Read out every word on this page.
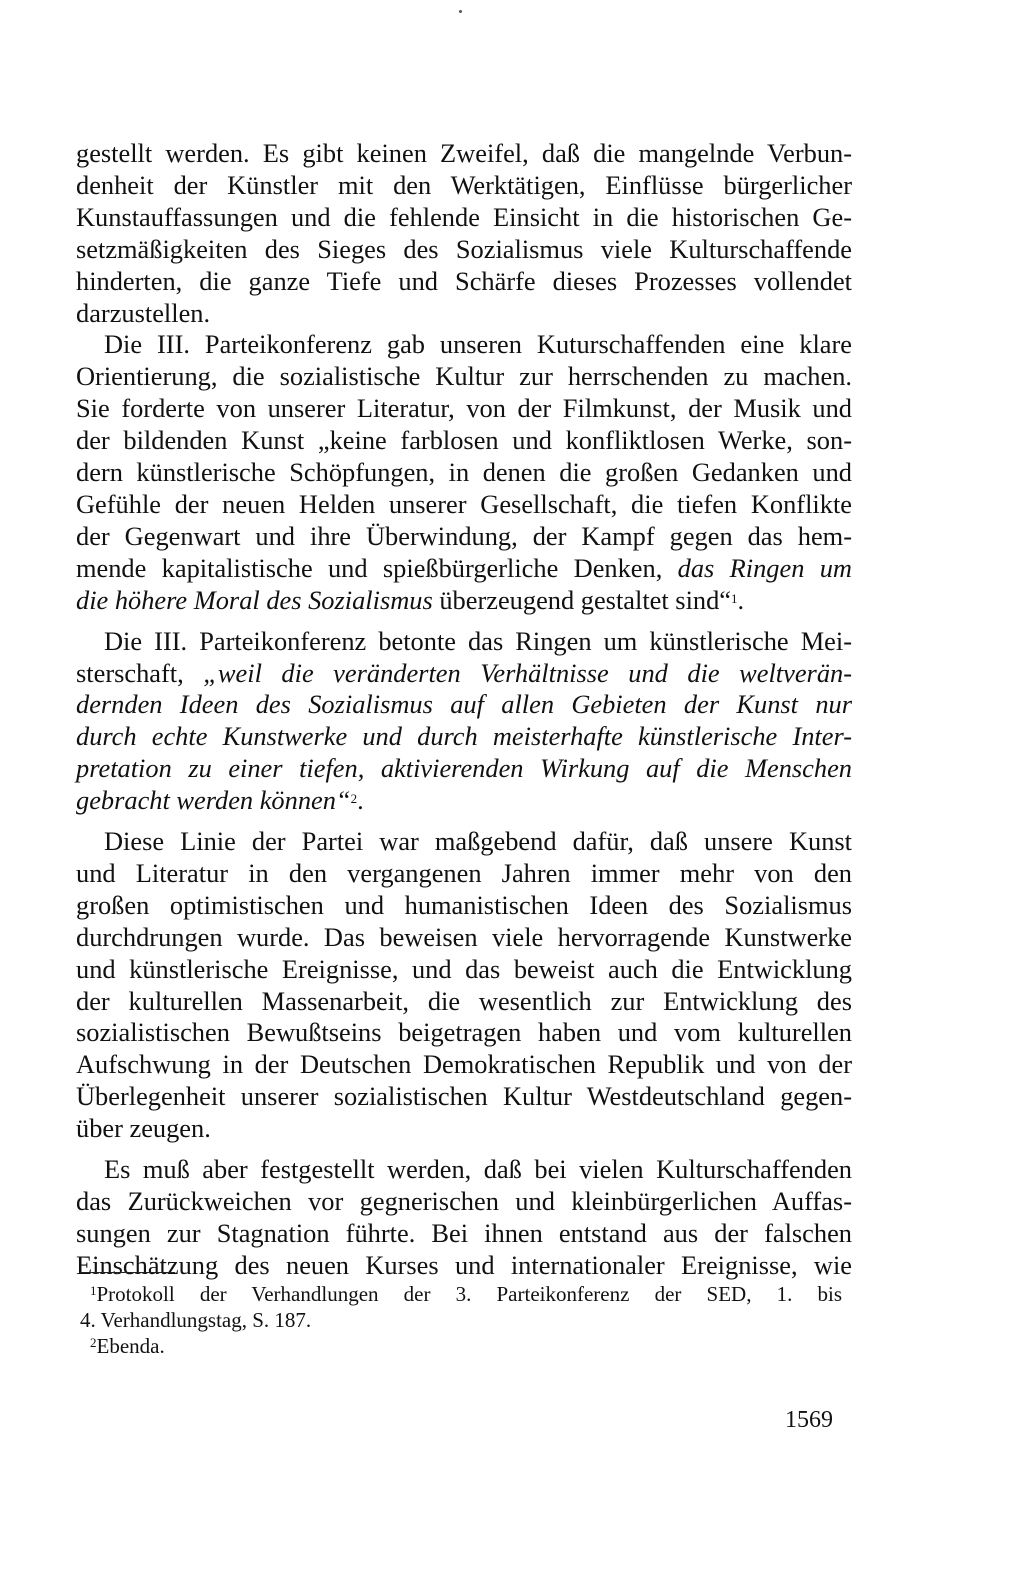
gestellt werden. Es gibt keinen Zweifel, daß die mangelnde Verbun-
denheit der Künstler mit den Werktätigen, Einflüsse bürgerlicher
Kunstauffassungen und die fehlende Einsicht in die historischen Ge-
setzmäßigkeiten des Sieges des Sozialismus viele Kulturschaffende
hinderten, die ganze Tiefe und Schärfe dieses Prozesses vollendet
darzustellen.
Die III. Parteikonferenz gab unseren Kuturschaffenden eine klare
Orientierung, die sozialistische Kultur zur herrschenden zu machen.
Sie forderte von unserer Literatur, von der Filmkunst, der Musik und
der bildenden Kunst „keine farblosen und konfliktlosen Werke, son-
dern künstlerische Schöpfungen, in denen die großen Gedanken und
Gefühle der neuen Helden unserer Gesellschaft, die tiefen Konflikte
der Gegenwart und ihre Überwindung, der Kampf gegen das hem-
mende kapitalistische und spießbürgerliche Denken, das Ringen um
die höhere Moral des Sozialismus überzeugend gestaltet sind“$^1$.
Die III. Parteikonferenz betonte das Ringen um künstlerische Mei-
sterschaft, „weil die veränderten Verhältnisse und die weltverän-
dernden Ideen des Sozialismus auf allen Gebieten der Kunst nur
durch echte Kunstwerke und durch meisterhafte künstlerische Inter-
pretation zu einer tiefen, aktivierenden Wirkung auf die Menschen
gebracht werden können“$^2$.
Diese Linie der Partei war maßgebend dafür, daß unsere Kunst
und Literatur in den vergangenen Jahren immer mehr von den
großen optimistischen und humanistischen Ideen des Sozialismus
durchdrungen wurde. Das beweisen viele hervorragende Kunstwerke
und künstlerische Ereignisse, und das beweist auch die Entwicklung
der kulturellen Massenarbeit, die wesentlich zur Entwicklung des
sozialistischen Bewußtseins beigetragen haben und vom kulturellen
Aufschwung in der Deutschen Demokratischen Republik und von der
Überlegenheit unserer sozialistischen Kultur Westdeutschland gegen-
über zeugen.
Es muß aber festgestellt werden, daß bei vielen Kulturschaffenden
das Zurückweichen vor gegnerischen und kleinbürgerlichen Auffas-
sungen zur Stagnation führte. Bei ihnen entstand aus der falschen
Einschätzung des neuen Kurses und internationaler Ereignisse, wie
$^1$Protokoll der Verhandlungen der 3. Parteikonferenz der SED, 1. bis
4. Verhandlungstag, S. 187.
$^2$Ebenda.
1569
